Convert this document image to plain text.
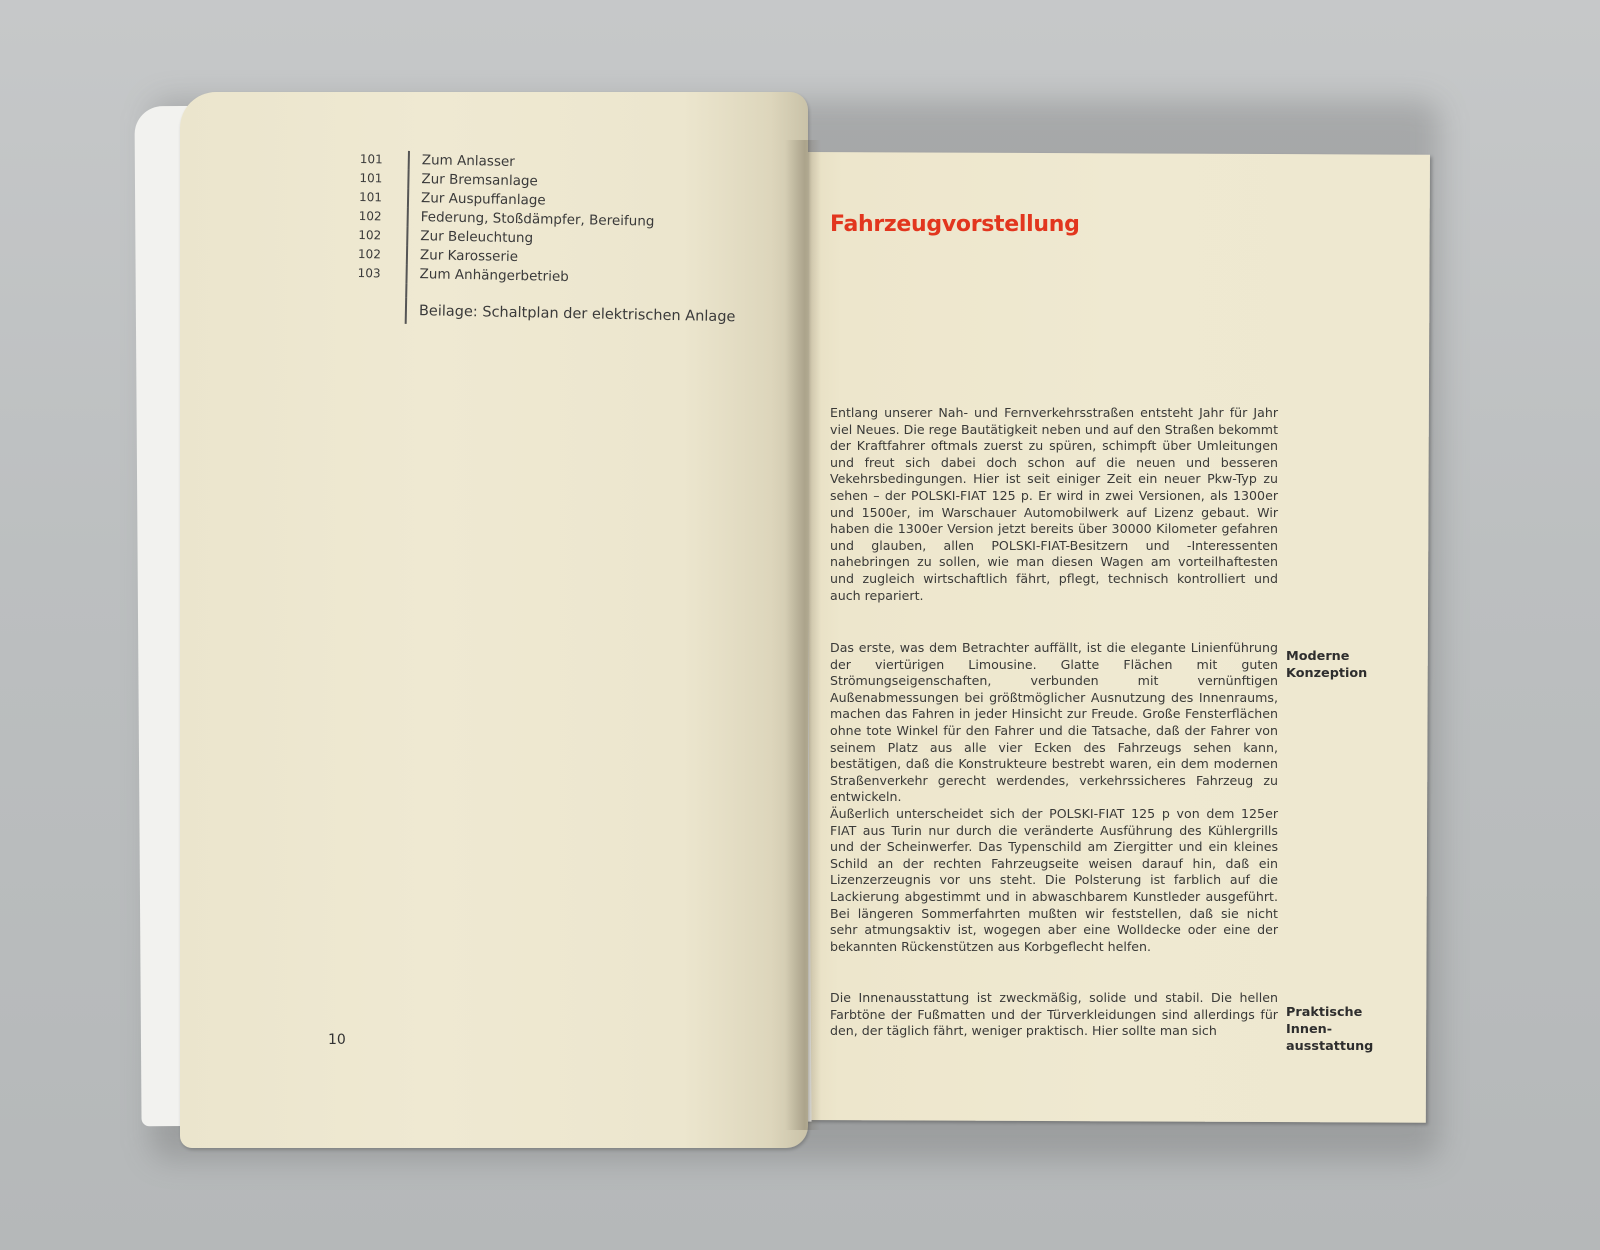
101	Zum Anlasser
101	Zur Bremsanlage
101	Zur Auspuffanlage
102	Federung, Stoßdämpfer, Bereifung
102	Zur Beleuchtung
102	Zur Karosserie
103	Zum Anhängerbetrieb
Beilage: Schaltplan der elektrischen Anlage
10
Fahrzeugvorstellung

Entlang unserer Nah- und Fernverkehrsstraßen entsteht Jahr für Jahr viel Neues. Die rege Bautätigkeit neben und auf den Straßen bekommt der Kraftfahrer oftmals zuerst zu spüren, schimpft über Umleitungen und freut sich dabei doch schon auf die neuen und besseren Vekehrsbedingungen. Hier ist seit einiger Zeit ein neuer Pkw-Typ zu sehen – der POLSKI-FIAT 125 p. Er wird in zwei Versionen, als 1300er und 1500er, im Warschauer Automobilwerk auf Lizenz gebaut. Wir haben die 1300er Version jetzt bereits über 30000 Kilometer gefahren und glauben, allen POLSKI-FIAT-Besitzern und -Interessenten nahebringen zu sollen, wie man diesen Wagen am vorteilhaftesten und zugleich wirtschaftlich fährt, pflegt, technisch kontrolliert und auch repariert.

Das erste, was dem Betrachter auffällt, ist die elegante Linienführung der viertürigen Limousine. Glatte Flächen mit guten Strömungseigenschaften, verbunden mit vernünftigen Außenabmessungen bei größtmöglicher Ausnutzung des Innenraums, machen das Fahren in jeder Hinsicht zur Freude. Große Fensterflächen ohne tote Winkel für den Fahrer und die Tatsache, daß der Fahrer von seinem Platz aus alle vier Ecken des Fahrzeugs sehen kann, bestätigen, daß die Konstrukteure bestrebt waren, ein dem modernen Straßenverkehr gerecht werdendes, verkehrssicheres Fahrzeug zu entwickeln.
Äußerlich unterscheidet sich der POLSKI-FIAT 125 p von dem 125er FIAT aus Turin nur durch die veränderte Ausführung des Kühlergrills und der Scheinwerfer. Das Typenschild am Ziergitter und ein kleines Schild an der rechten Fahrzeugseite weisen darauf hin, daß ein Lizenzerzeugnis vor uns steht. Die Polsterung ist farblich auf die Lackierung abgestimmt und in abwaschbarem Kunstleder ausgeführt. Bei längeren Sommerfahrten mußten wir feststellen, daß sie nicht sehr atmungsaktiv ist, wogegen aber eine Wolldecke oder eine der bekannten Rückenstützen aus Korbgeflecht helfen.

Die Innenausstattung ist zweckmäßig, solide und stabil. Die hellen Farbtöne der Fußmatten und der Türverkleidungen sind allerdings für den, der täglich fährt, weniger praktisch. Hier sollte man sich

Moderne
Konzeption
Praktische
Innen-
ausstattung
